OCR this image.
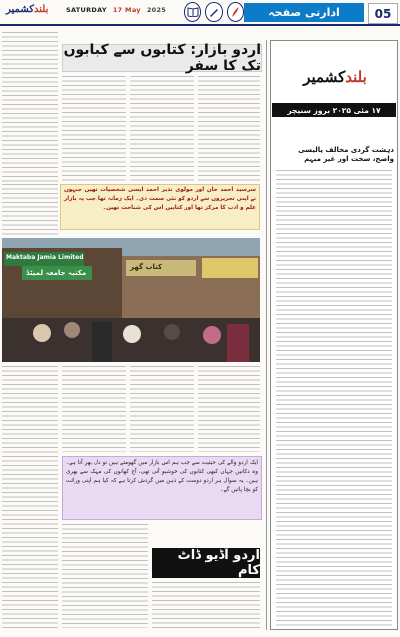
بلندکشمیر	SATURDAY 17 May 2025	ادارتی صفحہ	05
اردو بازار: کتابوں سے کبابوں تک کا سفر
سرسید احمد خان اور مولوی نذیر احمد ایسی شخصیات تھیں جنہوں نے اپنی تحریروں سے اردو کو نئی سمت دی۔ ایک زمانہ تھا جب یہ بازار علم و ادب کا مرکز تھا اور کتابیں اس کی شناخت تھیں۔
Maktaba Jamia Limited
مکتبہ جامعہ لمیٹڈ
کتاب گھر
ایک اردو والے کی حیثیت سے جب ہم اس بازار میں گھومتے ہیں تو دل بھر آتا ہے۔ وہ دکانیں جہاں کبھی کتابوں کی خوشبو آتی تھی، آج کھانوں کی مہک سے بھری ہیں۔ یہ سوال ہر اردو دوست کے ذہن میں گردش کرتا ہے کہ کیا ہم اپنی وراثت کو بچا پائیں گے۔
اردو آڈیو ڈاٹ کام
بلند
کشمیر
۱۷ مئی ۲۰۲۵ بروز سنیچر
دہشت گردی مخالف پالیسی واضح، سخت اور غیر مبہم
